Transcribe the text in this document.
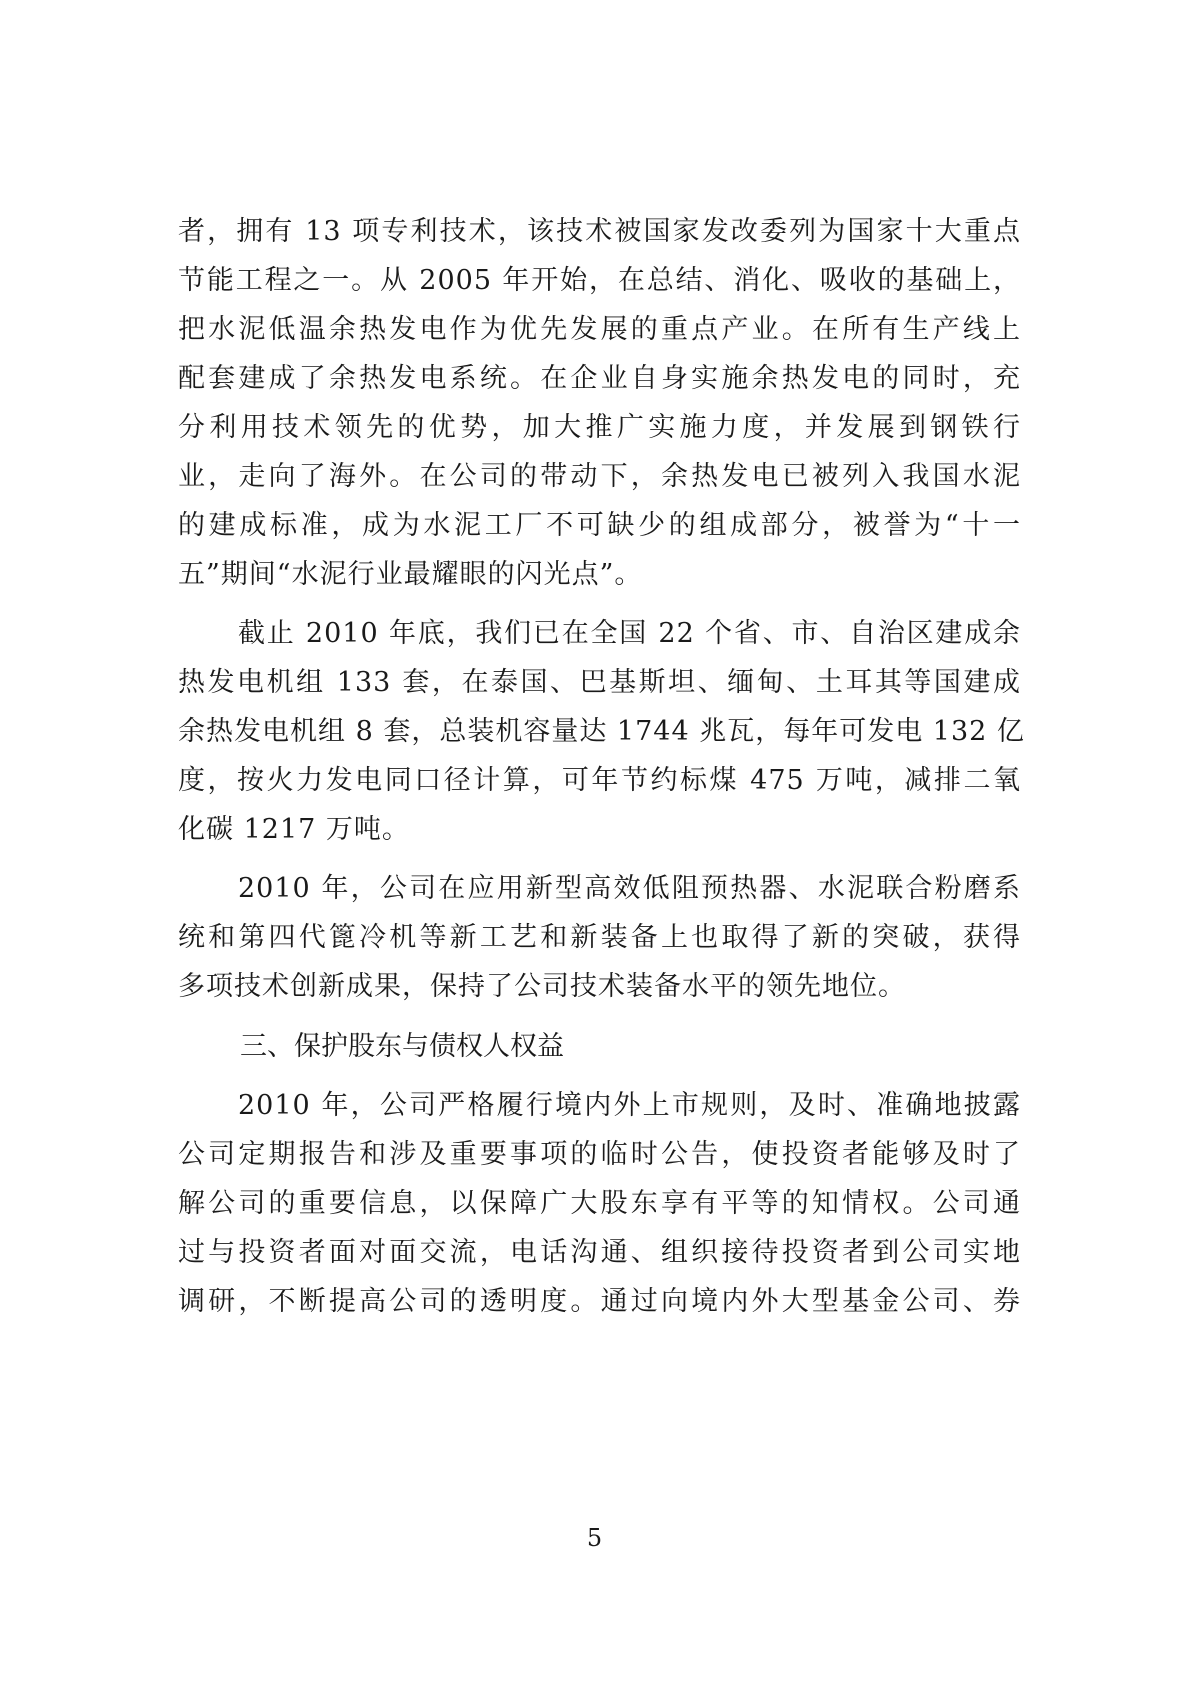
者，拥有 13 项专利技术，该技术被国家发改委列为国家十大重点
节能工程之一。从 2005 年开始，在总结、消化、吸收的基础上，
把水泥低温余热发电作为优先发展的重点产业。在所有生产线上
配套建成了余热发电系统。在企业自身实施余热发电的同时，充
分利用技术领先的优势，加大推广实施力度，并发展到钢铁行
业，走向了海外。在公司的带动下，余热发电已被列入我国水泥
的建成标准，成为水泥工厂不可缺少的组成部分，被誉为“十一
五”期间“水泥行业最耀眼的闪光点”。
截止 2010 年底，我们已在全国 22 个省、市、自治区建成余
热发电机组 133 套，在泰国、巴基斯坦、缅甸、土耳其等国建成
余热发电机组 8 套，总装机容量达 1744 兆瓦，每年可发电 132 亿
度，按火力发电同口径计算，可年节约标煤 475 万吨，减排二氧
化碳 1217 万吨。
2010 年，公司在应用新型高效低阻预热器、水泥联合粉磨系
统和第四代篦冷机等新工艺和新装备上也取得了新的突破，获得
多项技术创新成果，保持了公司技术装备水平的领先地位。
三、保护股东与债权人权益
2010 年，公司严格履行境内外上市规则，及时、准确地披露
公司定期报告和涉及重要事项的临时公告，使投资者能够及时了
解公司的重要信息，以保障广大股东享有平等的知情权。公司通
过与投资者面对面交流，电话沟通、组织接待投资者到公司实地
调研，不断提高公司的透明度。通过向境内外大型基金公司、券
5
